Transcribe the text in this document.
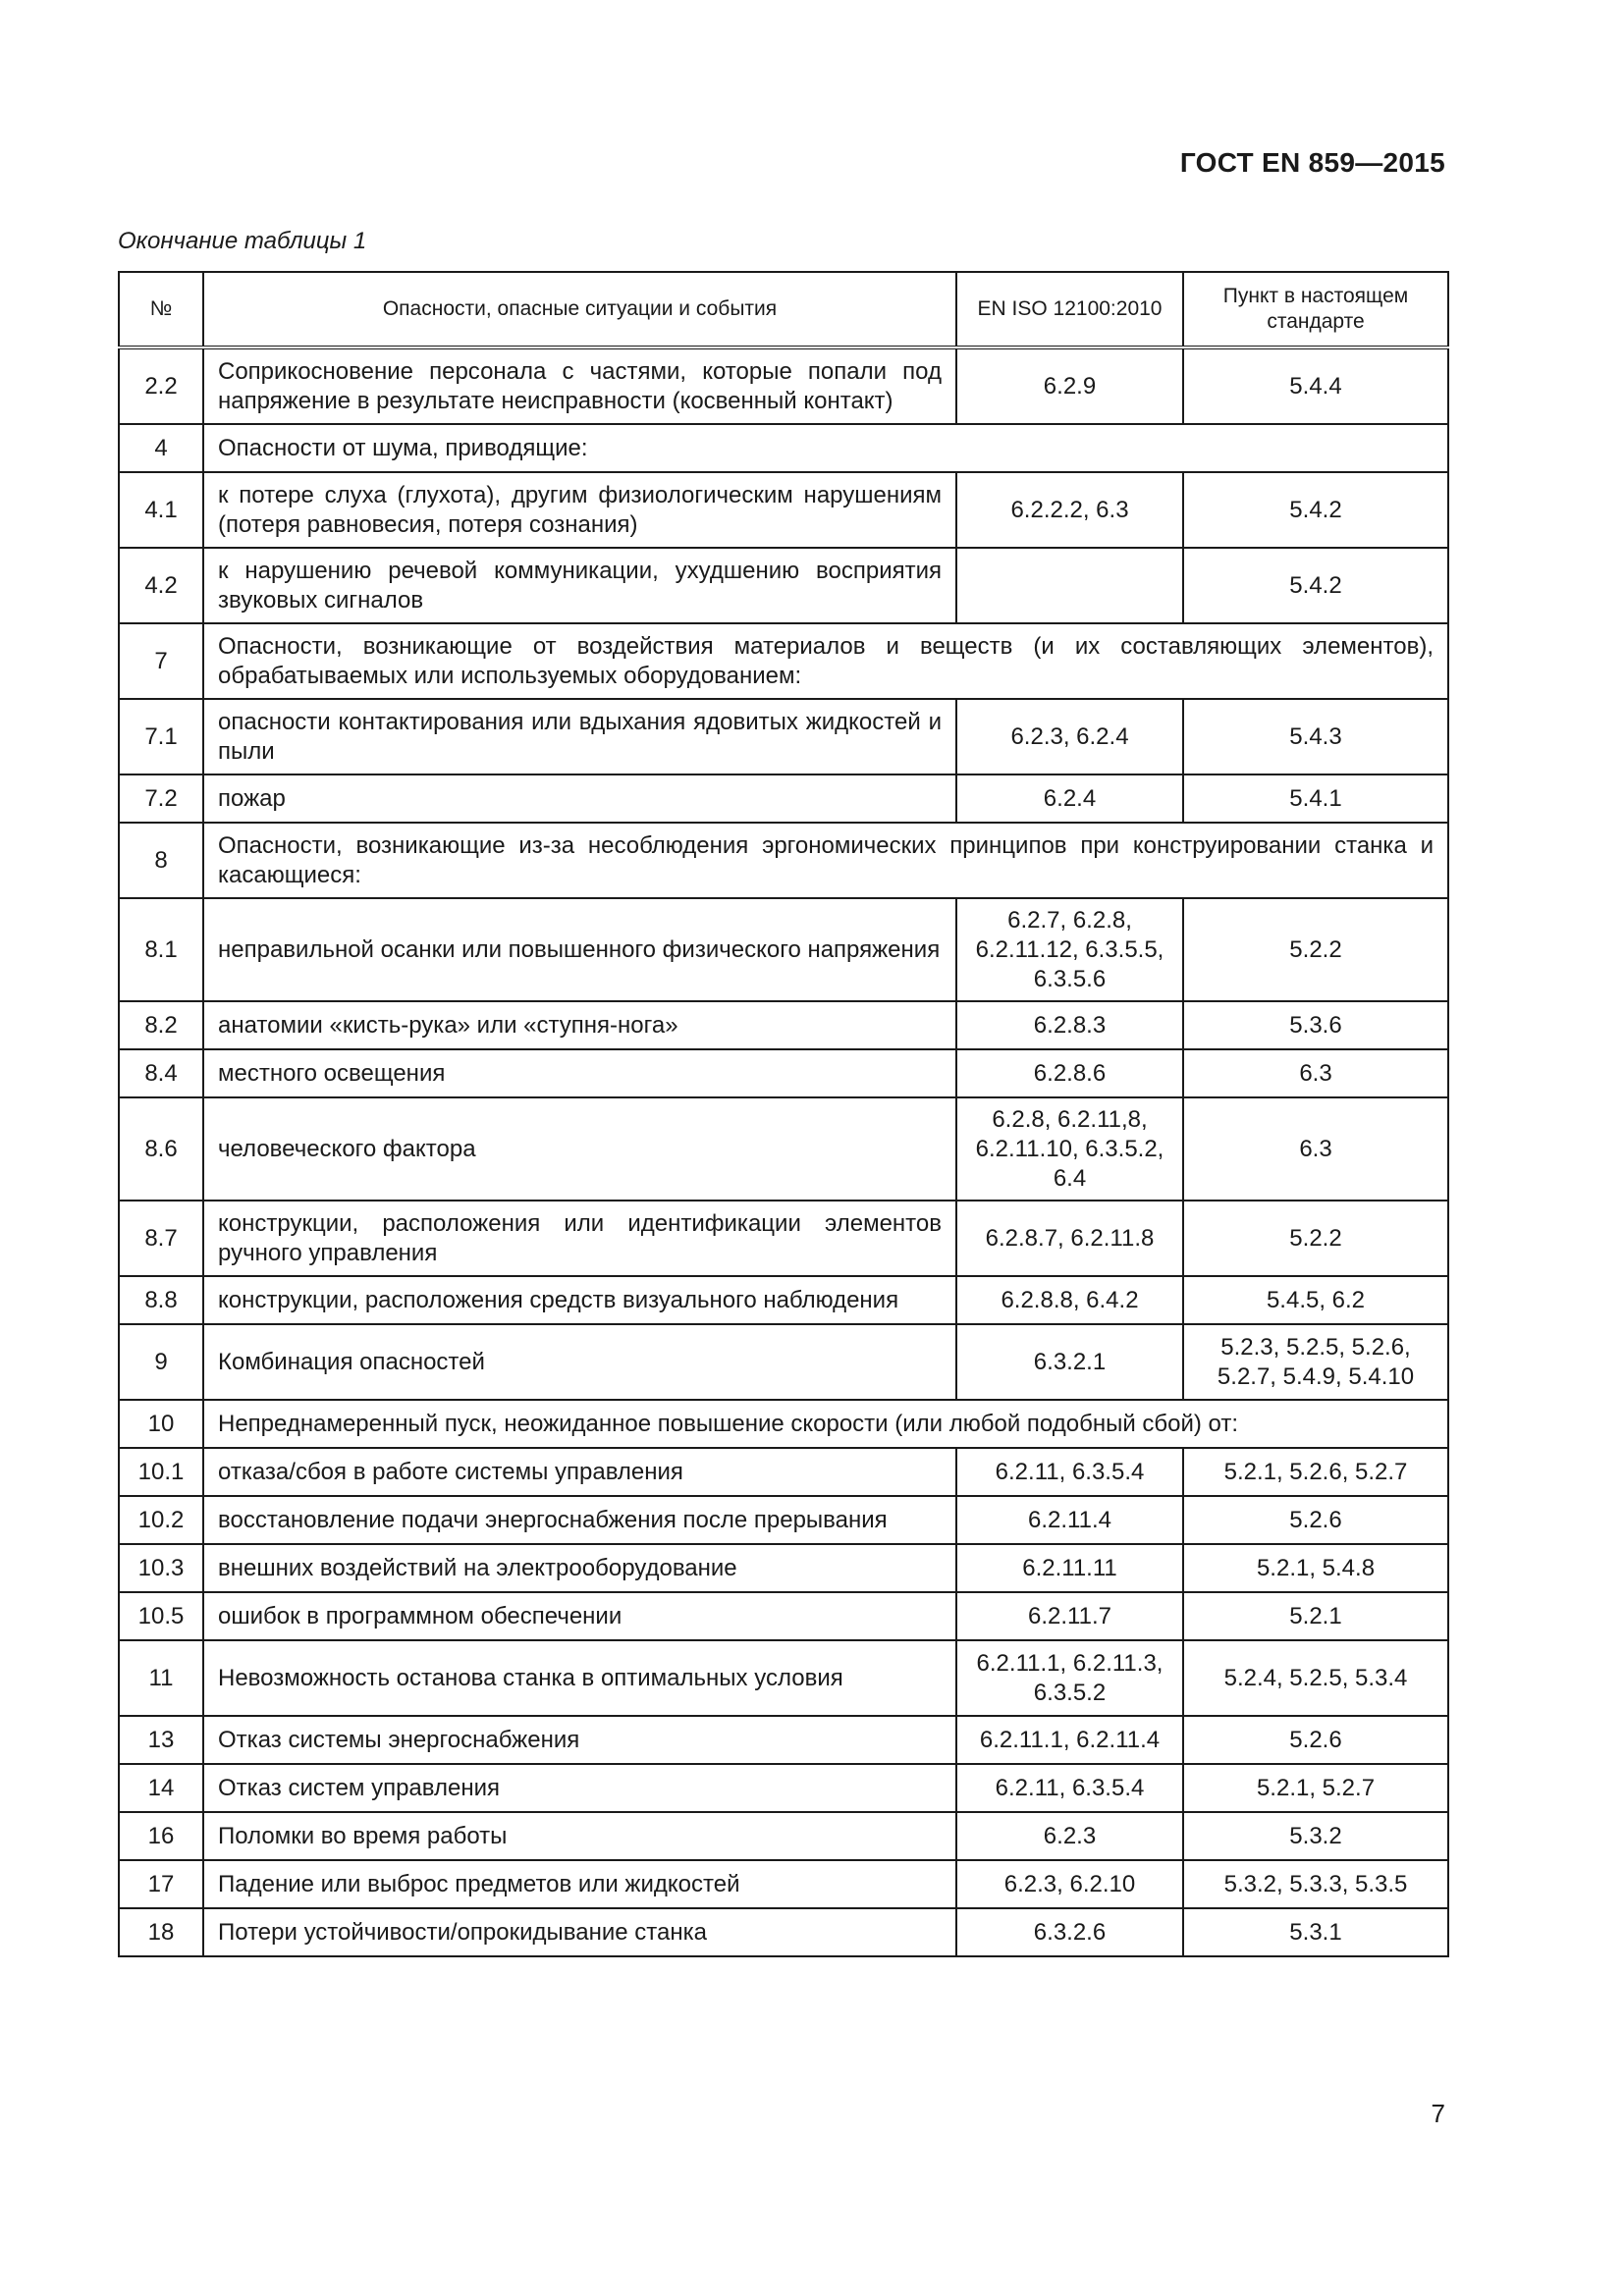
ГОСТ EN 859—2015
Окончание таблицы 1
№	Опасности, опасные ситуации и события	EN ISO 12100:2010	Пункт в настоящем стандарте
2.2	Соприкосновение персонала с частями, которые попали под напряжение в результате неисправности (косвенный контакт)	6.2.9	5.4.4
4	Опасности от шума, приводящие:		
4.1	к потере слуха (глухота), другим физиологическим нарушениям (потеря равновесия, потеря сознания)	6.2.2.2, 6.3	5.4.2
4.2	к нарушению речевой коммуникации, ухудшению восприятия звуковых сигналов		5.4.2
7	Опасности, возникающие от воздействия материалов и веществ (и их составляющих элементов), обрабатываемых или используемых оборудованием:		
7.1	опасности контактирования или вдыхания ядовитых жидкостей и пыли	6.2.3, 6.2.4	5.4.3
7.2	пожар	6.2.4	5.4.1
8	Опасности, возникающие из-за несоблюдения эргономических принципов при конструировании станка и касающиеся:		
8.1	неправильной осанки или повышенного физического напряжения	6.2.7, 6.2.8, 6.2.11.12, 6.3.5.5, 6.3.5.6	5.2.2
8.2	анатомии «кисть-рука» или «ступня-нога»	6.2.8.3	5.3.6
8.4	местного освещения	6.2.8.6	6.3
8.6	человеческого фактора	6.2.8, 6.2.11,8, 6.2.11.10, 6.3.5.2, 6.4	6.3
8.7	конструкции, расположения или идентификации элементов ручного управления	6.2.8.7, 6.2.11.8	5.2.2
8.8	конструкции, расположения средств визуального наблюдения	6.2.8.8, 6.4.2	5.4.5, 6.2
9	Комбинация опасностей	6.3.2.1	5.2.3, 5.2.5, 5.2.6, 5.2.7, 5.4.9, 5.4.10
10	Непреднамеренный пуск, неожиданное повышение скорости (или любой подобный сбой) от:		
10.1	отказа/сбоя в работе системы управления	6.2.11, 6.3.5.4	5.2.1, 5.2.6, 5.2.7
10.2	восстановление подачи энергоснабжения после прерывания	6.2.11.4	5.2.6
10.3	внешних воздействий на электрооборудование	6.2.11.11	5.2.1, 5.4.8
10.5	ошибок в программном обеспечении	6.2.11.7	5.2.1
11	Невозможность останова станка в оптимальных условия	6.2.11.1, 6.2.11.3, 6.3.5.2	5.2.4, 5.2.5, 5.3.4
13	Отказ системы энергоснабжения	6.2.11.1, 6.2.11.4	5.2.6
14	Отказ систем управления	6.2.11, 6.3.5.4	5.2.1, 5.2.7
16	Поломки во время работы	6.2.3	5.3.2
17	Падение или выброс предметов или жидкостей	6.2.3, 6.2.10	5.3.2, 5.3.3, 5.3.5
18	Потери устойчивости/опрокидывание станка	6.3.2.6	5.3.1
7
